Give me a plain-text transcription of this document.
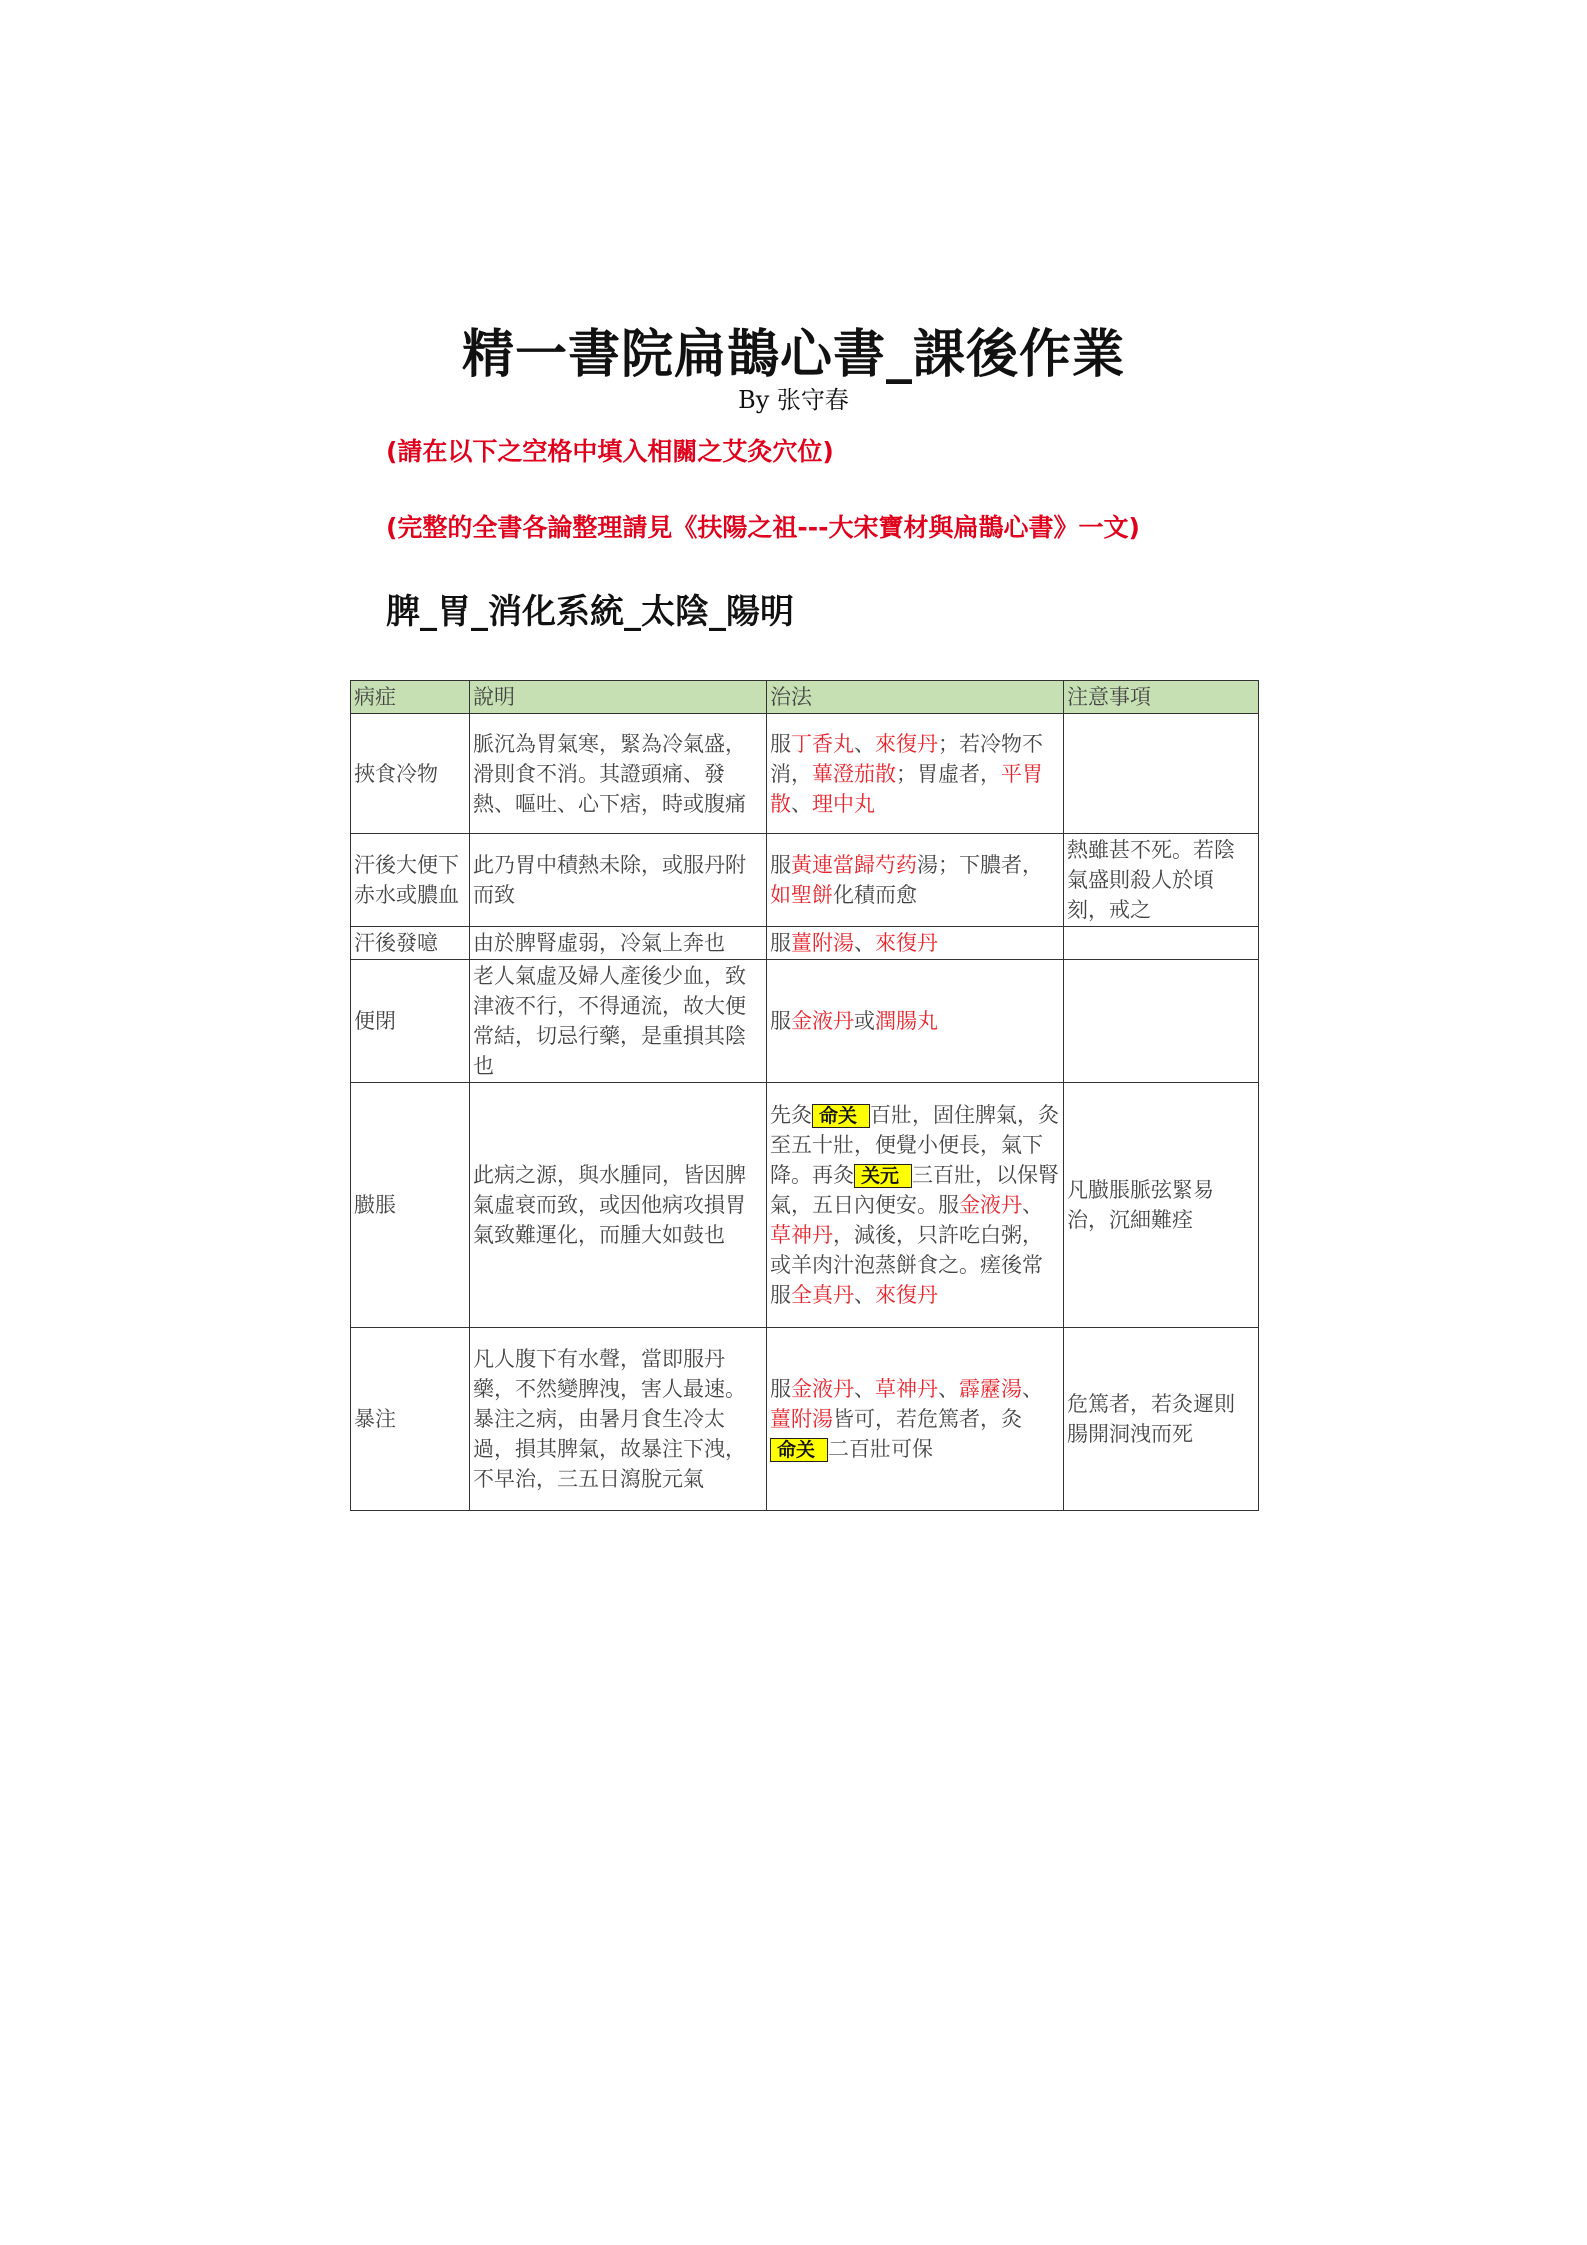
精一書院扁鵲心書_課後作業
By 张守春
(請在以下之空格中填入相關之艾灸穴位)
(完整的全書各論整理請見《扶陽之祖---大宋寶材與扁鵲心書》一文)
脾_胃_消化系統_太陰_陽明
病症	說明	治法	注意事項
挾食冷物	脈沉為胃氣寒，緊為冷氣盛，滑則食不消。其證頭痛、發熱、嘔吐、心下痞，時或腹痛	服丁香丸、來復丹；若冷物不消，蓽澄茄散；胃虛者，平胃散、理中丸	
汗後大便下赤水或膿血	此乃胃中積熱未除，或服丹附而致	服黃連當歸芍药湯；下膿者，如聖餅化積而愈	熱雖甚不死。若陰氣盛則殺人於頃刻，戒之
汗後發噫	由於脾腎虛弱，冷氣上奔也	服薑附湯、來復丹	
便閉	老人氣虛及婦人產後少血，致津液不行，不得通流，故大便常結，切忌行藥，是重損其陰也	服金液丹或潤腸丸	
臌脹	此病之源，與水腫同，皆因脾氣虛衰而致，或因他病攻損胃氣致難運化，而腫大如鼓也	先灸 命关 百壯，固住脾氣，灸至五十壯，便覺小便長，氣下降。再灸 关元 三百壯，以保腎氣，五日內便安。服金液丹、草神丹，減後，只許吃白粥，或羊肉汁泡蒸餅食之。瘥後常服全真丹、來復丹	凡臌脹脈弦緊易治，沉細難痊
暴注	凡人腹下有水聲，當即服丹藥，不然變脾洩，害人最速。暴注之病，由暑月食生冷太過，損其脾氣，故暴注下洩，不早治，三五日瀉脫元氣	服金液丹、草神丹、霹靂湯、薑附湯皆可，若危篤者，灸命关 二百壯可保	危篤者，若灸遲則腸開洞洩而死
